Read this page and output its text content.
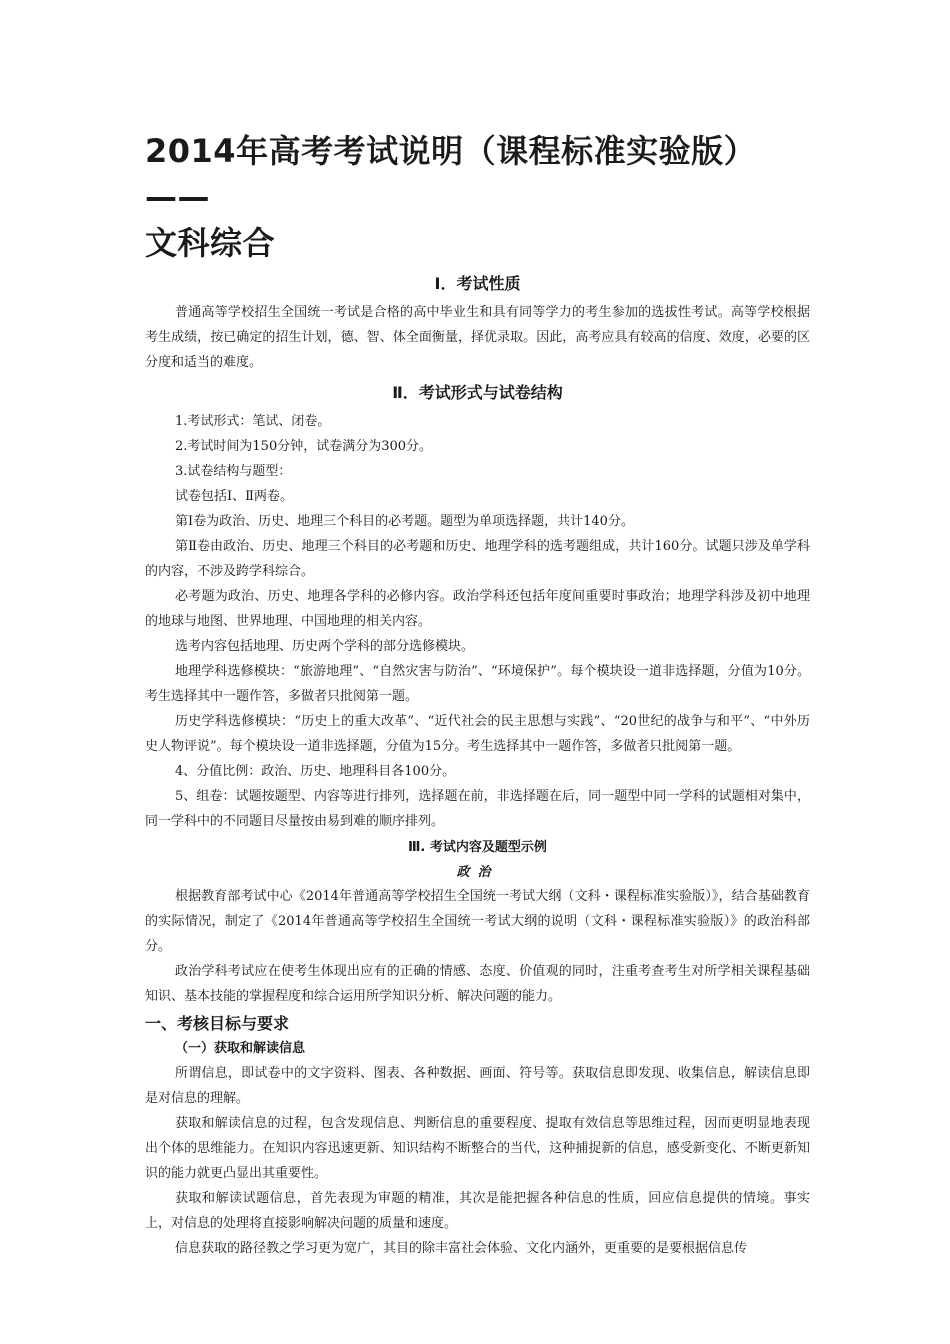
2014年高考考试说明（课程标准实验版）——
文科综合
Ⅰ．考试性质

普通高等学校招生全国统一考试是合格的高中毕业生和具有同等学力的考生参加的选拔性考试。高等学校根据考生成绩，按已确定的招生计划，德、智、体全面衡量，择优录取。因此，高考应具有较高的信度、效度，必要的区分度和适当的难度。

Ⅱ．考试形式与试卷结构

1.考试形式：笔试、闭卷。

2.考试时间为150分钟，试卷满分为300分。

3.试卷结构与题型：

试卷包括Ⅰ、Ⅱ两卷。

第Ⅰ卷为政治、历史、地理三个科目的必考题。题型为单项选择题，共计140分。

第Ⅱ卷由政治、历史、地理三个科目的必考题和历史、地理学科的选考题组成，共计160分。试题只涉及单学科的内容，不涉及跨学科综合。

必考题为政治、历史、地理各学科的必修内容。政治学科还包括年度间重要时事政治；地理学科涉及初中地理的地球与地图、世界地理、中国地理的相关内容。

选考内容包括地理、历史两个学科的部分选修模块。

地理学科选修模块：“旅游地理”、“自然灾害与防治”、“环境保护”。每个模块设一道非选择题，分值为10分。考生选择其中一题作答，多做者只批阅第一题。

历史学科选修模块：“历史上的重大改革”、“近代社会的民主思想与实践”、“20世纪的战争与和平”、“中外历史人物评说”。每个模块设一道非选择题，分值为15分。考生选择其中一题作答，多做者只批阅第一题。

4、分值比例：政治、历史、地理科目各100分。

5、组卷：试题按题型、内容等进行排列，选择题在前，非选择题在后，同一题型中同一学科的试题相对集中，同一学科中的不同题目尽量按由易到难的顺序排列。

Ⅲ. 考试内容及题型示例
政治

根据教育部考试中心《2014年普通高等学校招生全国统一考试大纲（文科・课程标准实验版）》，结合基础教育的实际情况，制定了《2014年普通高等学校招生全国统一考试大纲的说明（文科・课程标准实验版）》的政治科部分。

政治学科考试应在使考生体现出应有的正确的情感、态度、价值观的同时，注重考查考生对所学相关课程基础知识、基本技能的掌握程度和综合运用所学知识分析、解决问题的能力。

一、考核目标与要求
（一）获取和解读信息

所谓信息，即试卷中的文字资料、图表、各种数据、画面、符号等。获取信息即发现、收集信息，解读信息即是对信息的理解。

获取和解读信息的过程，包含发现信息、判断信息的重要程度、提取有效信息等思维过程，因而更明显地表现出个体的思维能力。在知识内容迅速更新、知识结构不断整合的当代，这种捕捉新的信息，感受新变化、不断更新知识的能力就更凸显出其重要性。

获取和解读试题信息，首先表现为审题的精准，其次是能把握各种信息的性质，回应信息提供的情境。事实上，对信息的处理将直接影响解决问题的质量和速度。

信息获取的路径教之学习更为宽广，其目的除丰富社会体验、文化内涵外，更重要的是要根据信息传
